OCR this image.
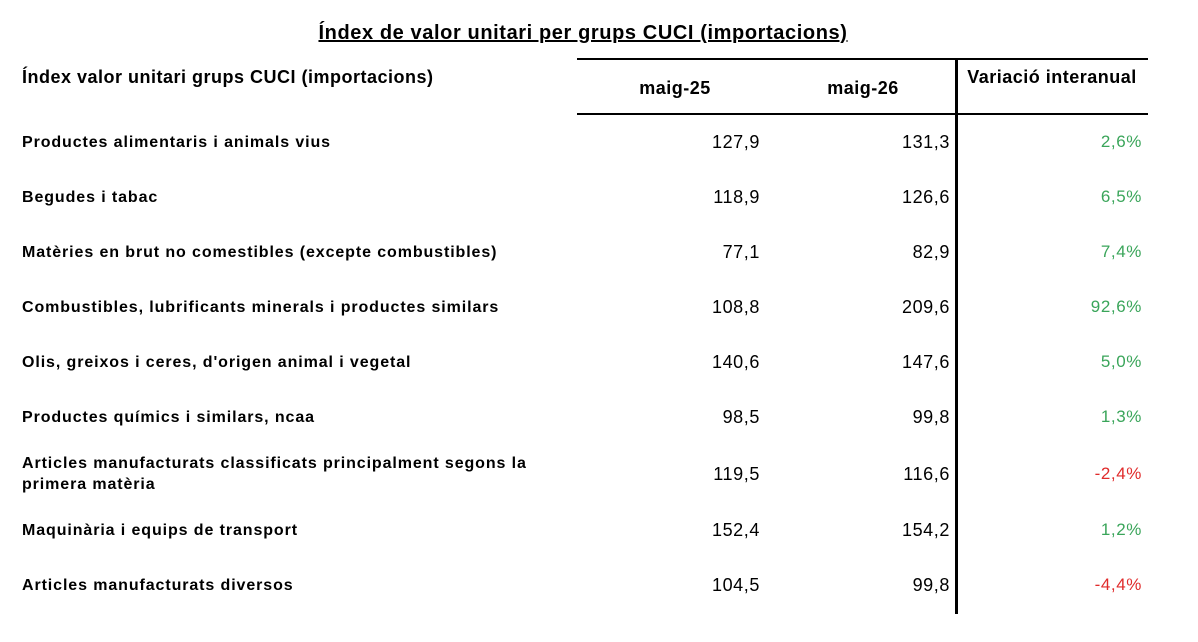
Índex de valor unitari per grups CUCI (importacions)
Índex valor unitari grups CUCI (importacions)
maig-25	maig-26
Variació interanual
Productes alimentaris i animals vius	127,9	131,3	2,6%
Begudes i tabac	118,9	126,6	6,5%
Matèries en brut no comestibles (excepte combustibles)	77,1	82,9	7,4%
Combustibles, lubrificants minerals i productes similars	108,8	209,6	92,6%
Olis, greixos i ceres, d'origen animal i vegetal	140,6	147,6	5,0%
Productes químics i similars, ncaa	98,5	99,8	1,3%
Articles manufacturats classificats principalment segons la primera matèria
119,5	116,6	-2,4%
Maquinària i equips de transport	152,4	154,2	1,2%
Articles manufacturats diversos	104,5	99,8	-4,4%
